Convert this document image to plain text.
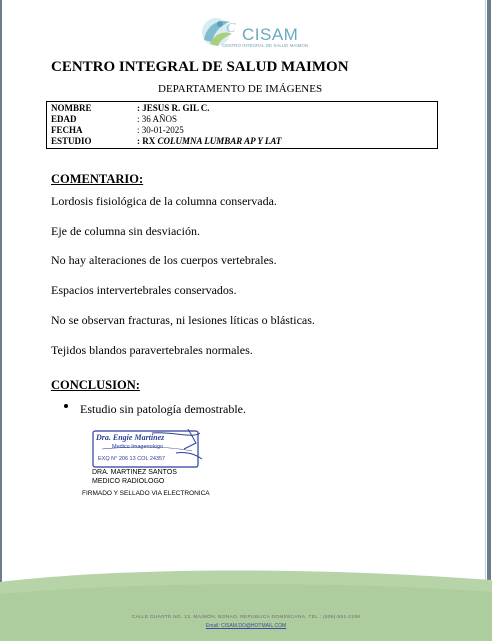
C CISAM
CENTRO INTEGRAL DE SALUD MAIMON
CENTRO INTEGRAL DE SALUD MAIMON
DEPARTAMENTO DE IMÁGENES
NOMBRE	: JESUS R. GIL C.
EDAD	: 36 AÑOS
FECHA	: 30-01-2025
ESTUDIO	: RX COLUMNA LUMBAR AP Y LAT
COMENTARIO:
Lordosis fisiológica de la columna conservada.
Eje de columna sin desviación.
No hay alteraciones de los cuerpos vertebrales.
Espacios intervertebrales conservados.
No se observan fracturas, ni lesiones líticas o blásticas.
Tejidos blandos paravertebrales normales.
CONCLUSION:
Estudio sin patología demostrable.
Dra. Engie Martinez
Medico Imagenologo
EXQ N° 206 13 COL 24357
DRA. MARTINEZ SANTOS
MEDICO RADIOLOGO
FIRMADO Y SELLADO VIA ELECTRONICA
CALLE DUARTE NO. 13, MAIMÓN, BONAO, REPUBLICA DOMINICANA, TEL.: (809)-551-2198
Email: CISAM.DO@HOTMAIL.COM
